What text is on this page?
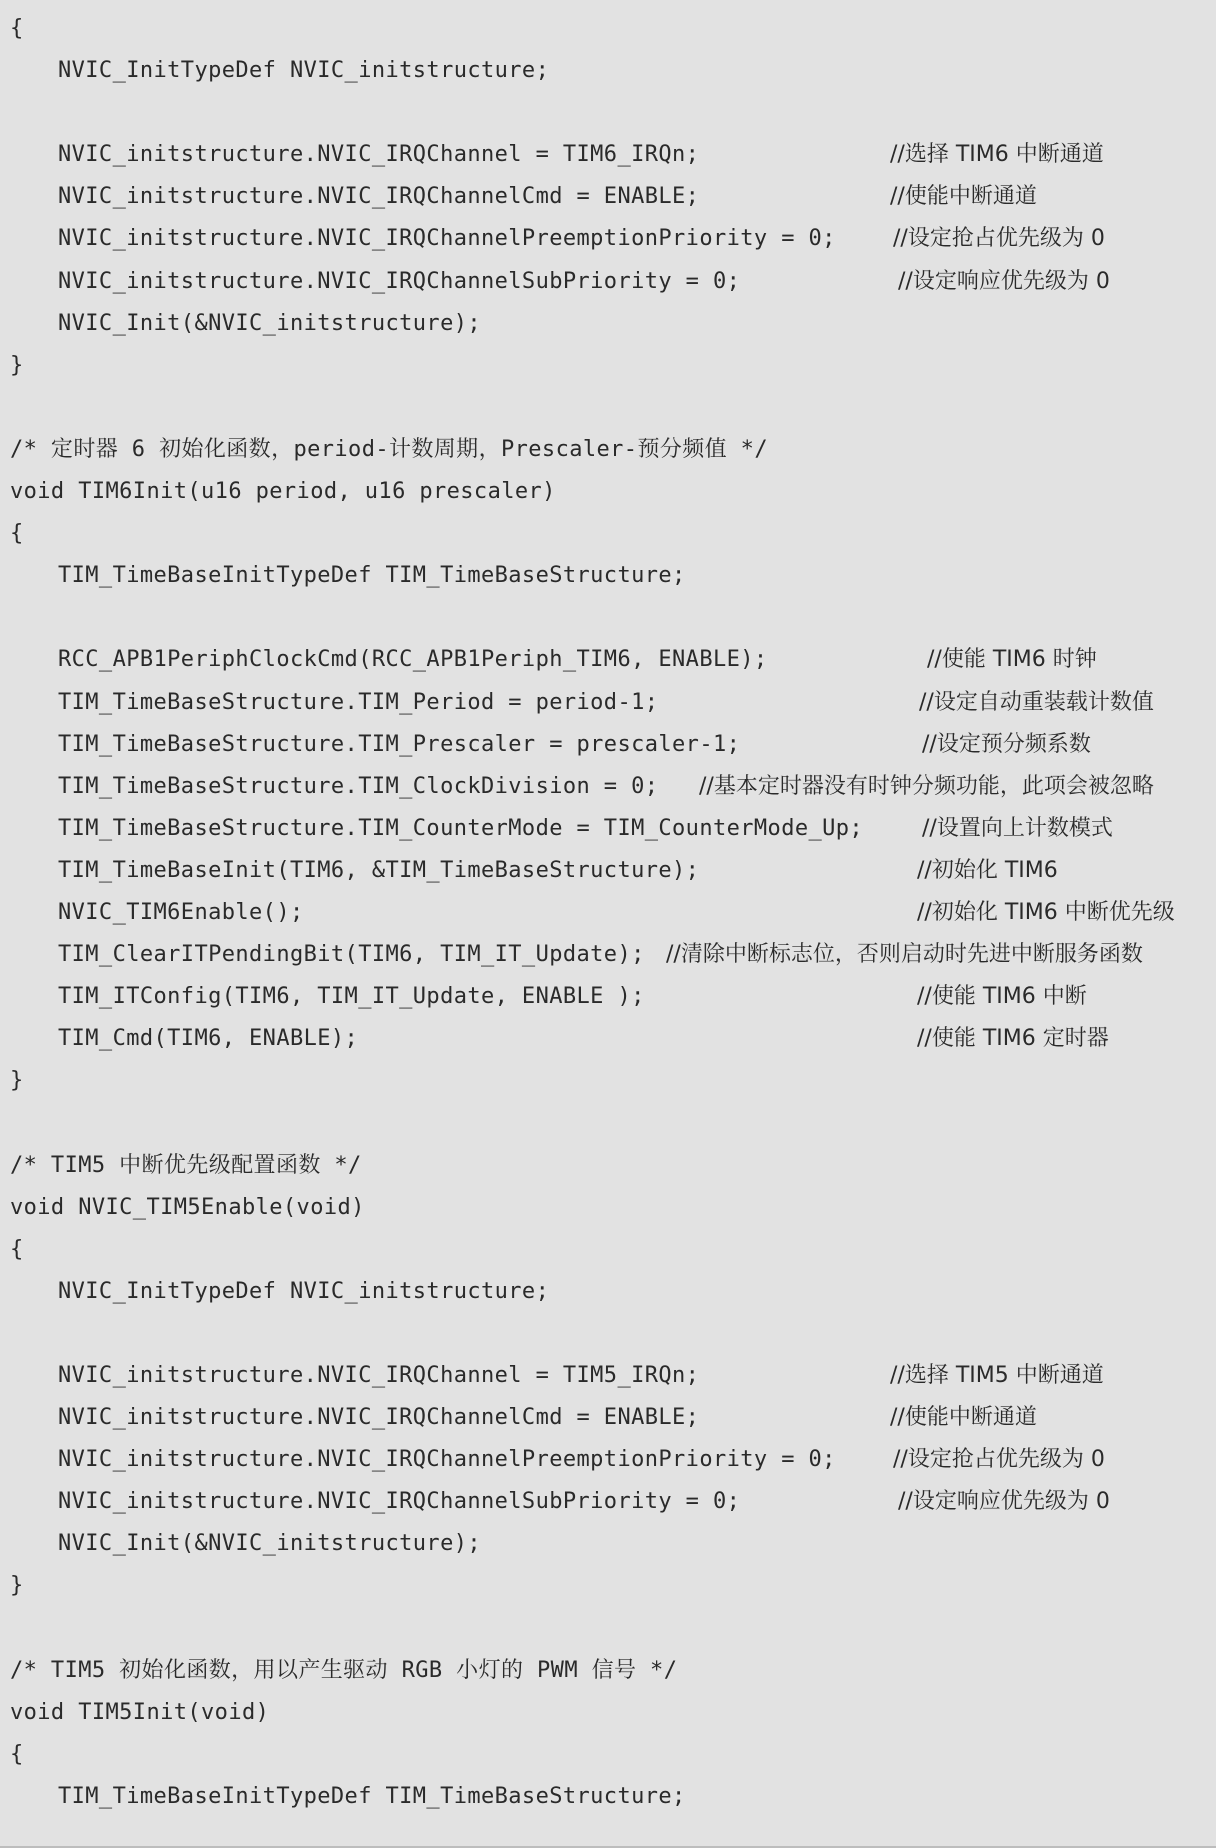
{
NVIC_InitTypeDef NVIC_initstructure;
NVIC_initstructure.NVIC_IRQChannel = TIM6_IRQn;	//选择 TIM6 中断通道
NVIC_initstructure.NVIC_IRQChannelCmd = ENABLE;	//使能中断通道
NVIC_initstructure.NVIC_IRQChannelPreemptionPriority = 0;	//设定抢占优先级为 0
NVIC_initstructure.NVIC_IRQChannelSubPriority = 0;	//设定响应优先级为 0
NVIC_Init(&NVIC_initstructure);
}
/* 定时器 6 初始化函数，period-计数周期，Prescaler-预分频值 */
void TIM6Init(u16 period, u16 prescaler)
{
TIM_TimeBaseInitTypeDef TIM_TimeBaseStructure;
RCC_APB1PeriphClockCmd(RCC_APB1Periph_TIM6, ENABLE);	//使能 TIM6 时钟
TIM_TimeBaseStructure.TIM_Period = period-1;	//设定自动重装载计数值
TIM_TimeBaseStructure.TIM_Prescaler = prescaler-1;	//设定预分频系数
TIM_TimeBaseStructure.TIM_ClockDivision = 0; //基本定时器没有时钟分频功能，此项会被忽略
TIM_TimeBaseStructure.TIM_CounterMode = TIM_CounterMode_Up;	//设置向上计数模式
TIM_TimeBaseInit(TIM6, &TIM_TimeBaseStructure);	//初始化 TIM6
NVIC_TIM6Enable();	//初始化 TIM6 中断优先级
TIM_ClearITPendingBit(TIM6, TIM_IT_Update); //清除中断标志位，否则启动时先进中断服务函数
TIM_ITConfig(TIM6, TIM_IT_Update, ENABLE );	//使能 TIM6 中断
TIM_Cmd(TIM6, ENABLE);	//使能 TIM6 定时器
}
/* TIM5 中断优先级配置函数 */
void NVIC_TIM5Enable(void)
{
NVIC_InitTypeDef NVIC_initstructure;
NVIC_initstructure.NVIC_IRQChannel = TIM5_IRQn;	//选择 TIM5 中断通道
NVIC_initstructure.NVIC_IRQChannelCmd = ENABLE;	//使能中断通道
NVIC_initstructure.NVIC_IRQChannelPreemptionPriority = 0;	//设定抢占优先级为 0
NVIC_initstructure.NVIC_IRQChannelSubPriority = 0;	//设定响应优先级为 0
NVIC_Init(&NVIC_initstructure);
}
/* TIM5 初始化函数，用以产生驱动 RGB 小灯的 PWM 信号 */
void TIM5Init(void)
{
TIM_TimeBaseInitTypeDef TIM_TimeBaseStructure;
